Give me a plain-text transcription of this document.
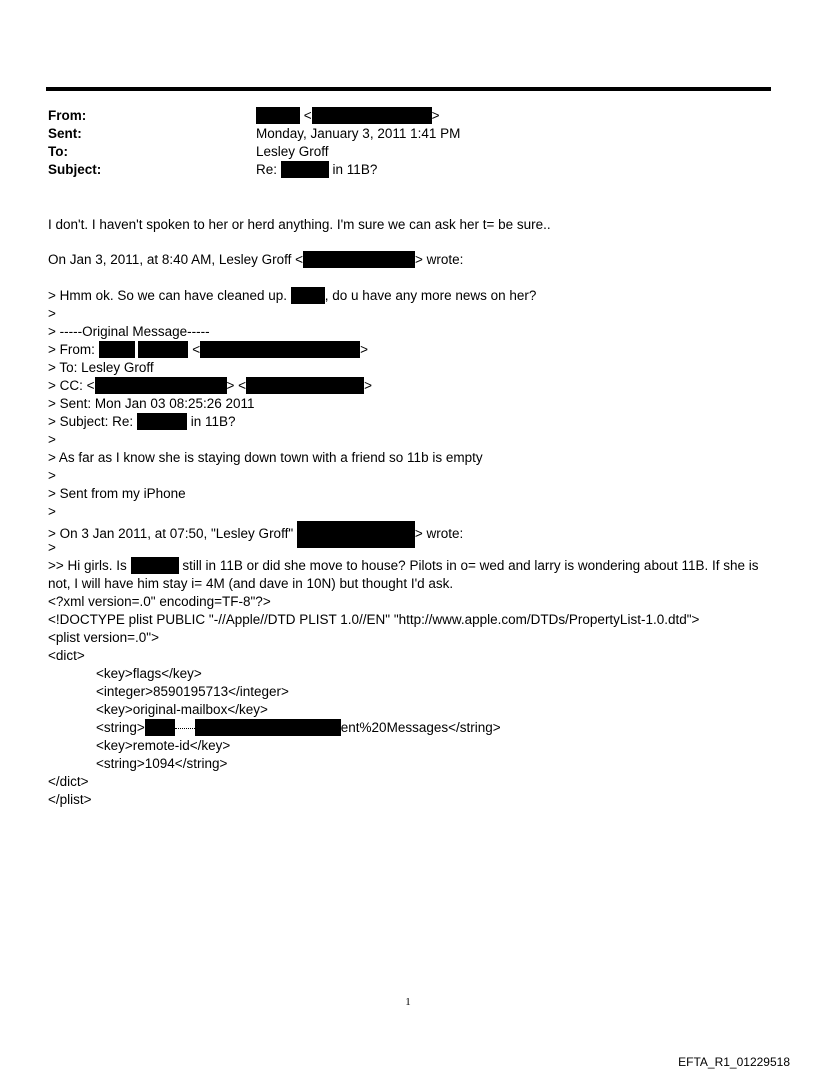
From:	<	>
Sent:	Monday, January 3, 2011 1:41 PM
To:	Lesley Groff
Subject:	Re:	in 11B?
I don't. I haven't spoken to her or herd anything. I'm sure we can ask her t= be sure..
On Jan 3, 2011, at 8:40 AM, Lesley Groff <	> wrote:
> Hmm ok. So we can have cleaned up.	, do u have any more news on her?
>
> -----Original Message-----
> From:	<	>
> To: Lesley Groff
> CC: <	> <	>
> Sent: Mon Jan 03 08:25:26 2011
> Subject: Re:	in 11B?
>
> As far as I know she is staying down town with a friend so 11b is empty
>
> Sent from my iPhone
>
> On 3 Jan 2011, at 07:50, "Lesley Groff"	> wrote:
>
>> Hi girls. Is	still in 11B or did she move to house? Pilots in o= wed and larry is wondering about 11B. If she is
not, I will have him stay i= 4M (and dave in 10N) but thought I'd ask.
<?xml version=.0" encoding=TF-8"?>
<!DOCTYPE plist PUBLIC "-//Apple//DTD PLIST 1.0//EN" "http://www.apple.com/DTDs/PropertyList-1.0.dtd">
<plist version=.0">
<dict>
<key>flags</key>
<integer>8590195713</integer>
<key>original-mailbox</key>
<string>	ent%20Messages</string>
<key>remote-id</key>
<string>1094</string>
</dict>
</plist>
1
EFTA_R1_01229518
